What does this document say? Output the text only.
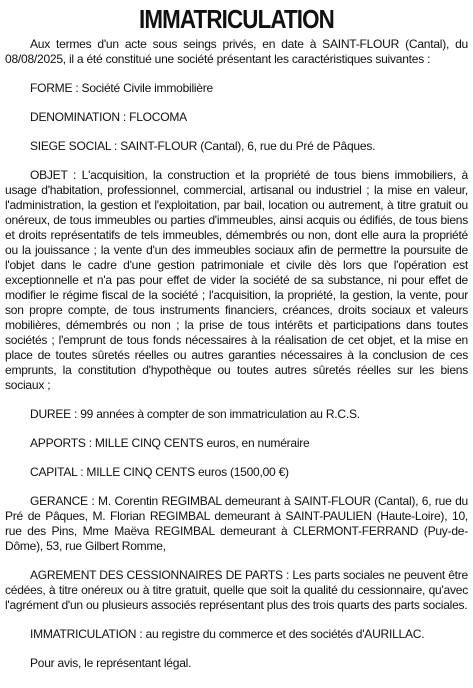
IMMATRICULATION

Aux termes d'un acte sous seings privés, en date à SAINT-FLOUR (Cantal), du 08/08/2025, il a été constitué une société présentant les caractéristiques suivantes :

FORME : Société Civile immobilière

DENOMINATION : FLOCOMA

SIEGE SOCIAL : SAINT-FLOUR (Cantal), 6, rue du Pré de Pâques.

OBJET : L'acquisition, la construction et la propriété de tous biens immobiliers, à usage d'habitation, professionnel, commercial, artisanal ou industriel ; la mise en valeur, l'administration, la gestion et l'exploitation, par bail, location ou autrement, à titre gratuit ou onéreux, de tous immeubles ou parties d'immeubles, ainsi acquis ou édifiés, de tous biens et droits représentatifs de tels immeubles, démembrés ou non, dont elle aura la propriété ou la jouissance ; la vente d'un des immeubles sociaux afin de permettre la poursuite de l'objet dans le cadre d'une gestion patrimoniale et civile dès lors que l'opération est exceptionnelle et n'a pas pour effet de vider la société de sa substance, ni pour effet de modifier le régime fiscal de la société ; l'acquisition, la propriété, la gestion, la vente, pour son propre compte, de tous instruments financiers, créances, droits sociaux et valeurs mobilières, démembrés ou non ; la prise de tous intérêts et participations dans toutes sociétés ; l'emprunt de tous fonds nécessaires à la réalisation de cet objet, et la mise en place de toutes sûretés réelles ou autres garanties nécessaires à la conclusion de ces emprunts, la constitution d'hypothèque ou toutes autres sûretés réelles sur les biens sociaux ;

DUREE : 99 années à compter de son immatriculation au R.C.S.

APPORTS : MILLE CINQ CENTS euros, en numéraire

CAPITAL : MILLE CINQ CENTS euros (1500,00 €)

GERANCE : M. Corentin REGIMBAL demeurant à SAINT-FLOUR (Cantal), 6, rue du Pré de Pâques, M. Florian REGIMBAL demeurant à SAINT-PAULIEN (Haute-Loire), 10, rue des Pins, Mme Maëva REGIMBAL demeurant à CLERMONT-FERRAND (Puy-de-Dôme), 53, rue Gilbert Romme,

AGREMENT DES CESSIONNAIRES DE PARTS : Les parts sociales ne peuvent être cédées, à titre onéreux ou à titre gratuit, quelle que soit la qualité du cessionnaire, qu'avec l'agrément d'un ou plusieurs associés représentant plus des trois quarts des parts sociales.

IMMATRICULATION : au registre du commerce et des sociétés d'AURILLAC.

Pour avis, le représentant légal.
